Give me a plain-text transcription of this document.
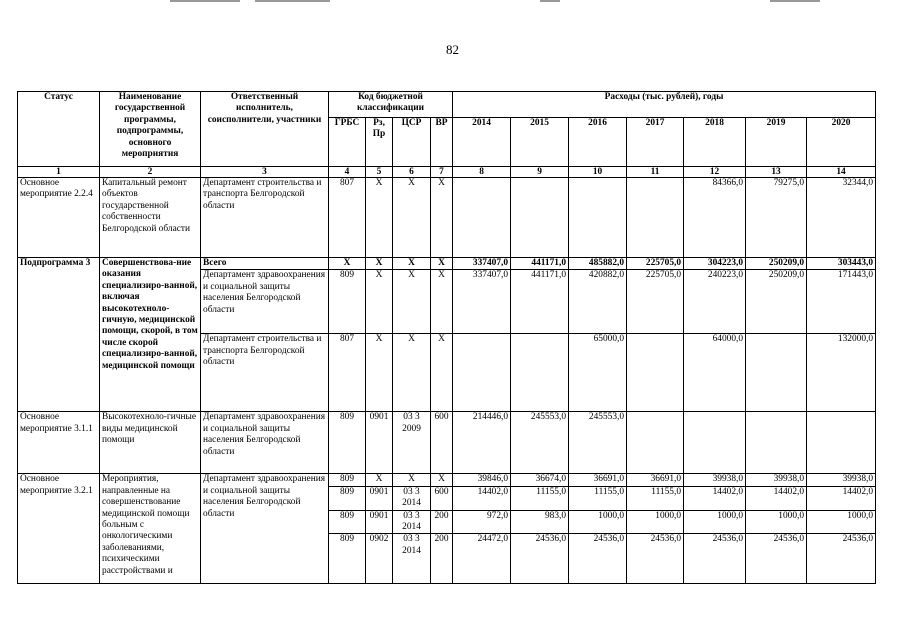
82
Статус	Наименование государственной программы, подпрограммы, основного мероприятия	Ответственный исполнитель, соисполнители, участники	Код бюджетной классификации				Расходы (тыс. рублей), годы						
			ГРБС	Рз, Пр	ЦСР	ВР	2014	2015	2016	2017	2018	2019	2020
1	2	3	4	5	6	7	8	9	10	11	12	13	14
Основное мероприятие 2.2.4	Капитальный ремонт объектов государственной собственности Белгородской области	Департамент строительства и транспорта Белгородской области	807	Х	Х	Х					84366,0	79275,0	32344,0
Подпрограмма 3	Совершенствова-ние оказания специализиро-ванной, включая высокотехноло-гичную, медицинской помощи, скорой, в том числе скорой специализиро-ванной, медицинской помощи	Всего	Х	Х	Х	Х	337407,0	441171,0	485882,0	225705,0	304223,0	250209,0	303443,0
		Департамент здравоохранения и социальной защиты населения Белгородской области	809	Х	Х	Х	337407,0	441171,0	420882,0	225705,0	240223,0	250209,0	171443,0
		Департамент строительства и транспорта Белгородской области	807	Х	Х	Х			65000,0		64000,0		132000,0
Основное мероприятие 3.1.1	Высокотехноло-гичные виды медицинской помощи	Департамент здравоохранения и социальной защиты населения Белгородской области	809	0901	03 3 2009	600	214446,0	245553,0	245553,0				
Основное мероприятие 3.2.1	Мероприятия, направленные на совершенствование медицинской помощи больным с онкологическими заболеваниями, психическими расстройствами и	Департамент здравоохранения и социальной защиты населения Белгородской области	809	Х	Х	Х	39846,0	36674,0	36691,0	36691,0	39938,0	39938,0	39938,0
			809	0901	03 3 2014	600	14402,0	11155,0	11155,0	11155,0	14402,0	14402,0	14402,0
			809	0901	03 3 2014	200	972,0	983,0	1000,0	1000,0	1000,0	1000,0	1000,0
			809	0902	03 3 2014	200	24472,0	24536,0	24536,0	24536,0	24536,0	24536,0	24536,0
